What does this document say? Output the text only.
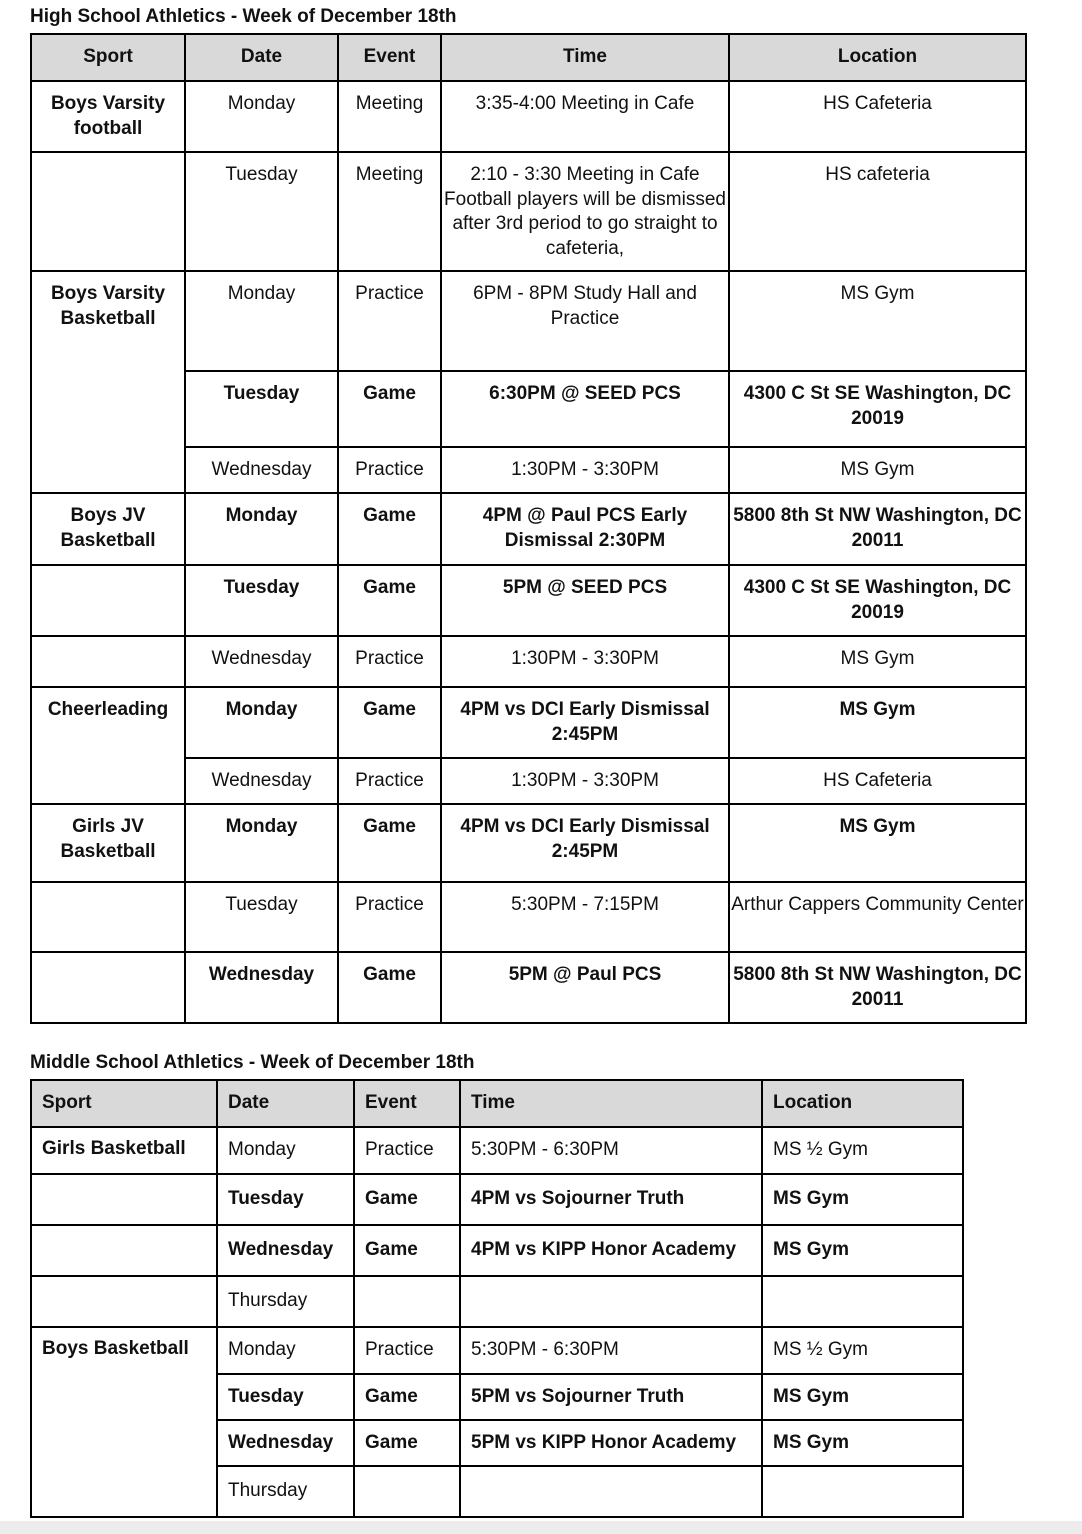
High School Athletics - Week of December 18th
Sport	Date	Event	Time	Location
Boys Varsity football	Monday	Meeting	3:35-4:00 Meeting in Cafe	HS Cafeteria
	Tuesday	Meeting	2:10 - 3:30 Meeting in Cafe Football players will be dismissed after 3rd period to go straight to cafeteria,	HS cafeteria
Boys Varsity Basketball	Monday	Practice	6PM - 8PM Study Hall and Practice	MS Gym
	Tuesday	Game	6:30PM @ SEED PCS	4300 C St SE Washington, DC 20019
	Wednesday	Practice	1:30PM - 3:30PM	MS Gym
Boys JV Basketball	Monday	Game	4PM @ Paul PCS Early Dismissal 2:30PM	5800 8th St NW Washington, DC 20011
	Tuesday	Game	5PM @ SEED PCS	4300 C St SE Washington, DC 20019
	Wednesday	Practice	1:30PM - 3:30PM	MS Gym
Cheerleading	Monday	Game	4PM vs DCI Early Dismissal 2:45PM	MS Gym
	Wednesday	Practice	1:30PM - 3:30PM	HS Cafeteria
Girls JV Basketball	Monday	Game	4PM vs DCI Early Dismissal 2:45PM	MS Gym
	Tuesday	Practice	5:30PM - 7:15PM	Arthur Cappers Community Center
	Wednesday	Game	5PM @ Paul PCS	5800 8th St NW Washington, DC 20011
Middle School Athletics - Week of December 18th
Sport	Date	Event	Time	Location
Girls Basketball	Monday	Practice	5:30PM - 6:30PM	MS ½ Gym
	Tuesday	Game	4PM vs Sojourner Truth	MS Gym
	Wednesday	Game	4PM vs KIPP Honor Academy	MS Gym
	Thursday			
Boys Basketball	Monday	Practice	5:30PM - 6:30PM	MS ½ Gym
	Tuesday	Game	5PM vs Sojourner Truth	MS Gym
	Wednesday	Game	5PM vs KIPP Honor Academy	MS Gym
	Thursday			
